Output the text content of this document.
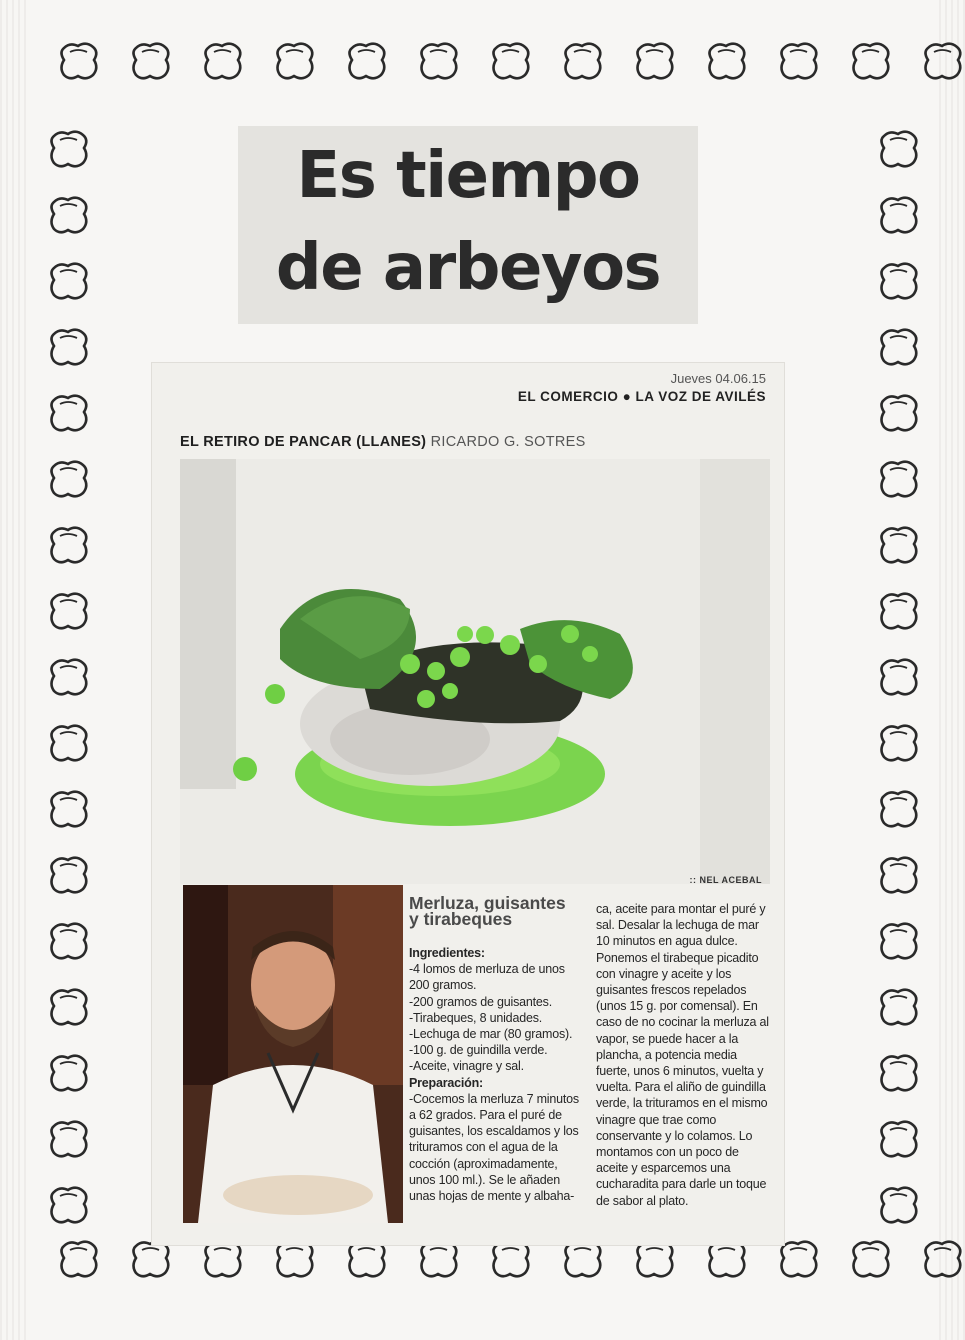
Es tiempo
de arbeyos
Jueves 04.06.15
EL COMERCIO ● LA VOZ DE AVILÉS
EL RETIRO DE PANCAR (LLANES) RICARDO G. SOTRES
:: NEL ACEBAL
Merluza, guisantes
y tirabeques

Ingredientes:

-4 lomos de merluza de unos 200 gramos.

-200 gramos de guisantes.

-Tirabeques, 8 unidades.

-Lechuga de mar (80 gramos).

-100 g. de guindilla verde.

-Aceite, vinagre y sal.

Preparación:

-Cocemos la merluza 7 minutos a 62 grados. Para el puré de guisantes, los escaldamos y los trituramos con el agua de la cocción (aproximadamente, unos 100 ml.). Se le añaden unas hojas de mente y albaha-

ca, aceite para montar el puré y sal. Desalar la lechuga de mar 10 minutos en agua dulce. Ponemos el tirabeque picadito con vinagre y aceite y los guisantes frescos repelados (unos 15 g. por comensal). En caso de no cocinar la merluza al vapor, se puede hacer a la plancha, a potencia media fuerte, unos 6 minutos, vuelta y vuelta. Para el aliño de guindilla verde, la trituramos en el mismo vinagre que trae como conservante y lo colamos. Lo montamos con un poco de aceite y esparcemos una cucharadita para darle un toque de sabor al plato.
